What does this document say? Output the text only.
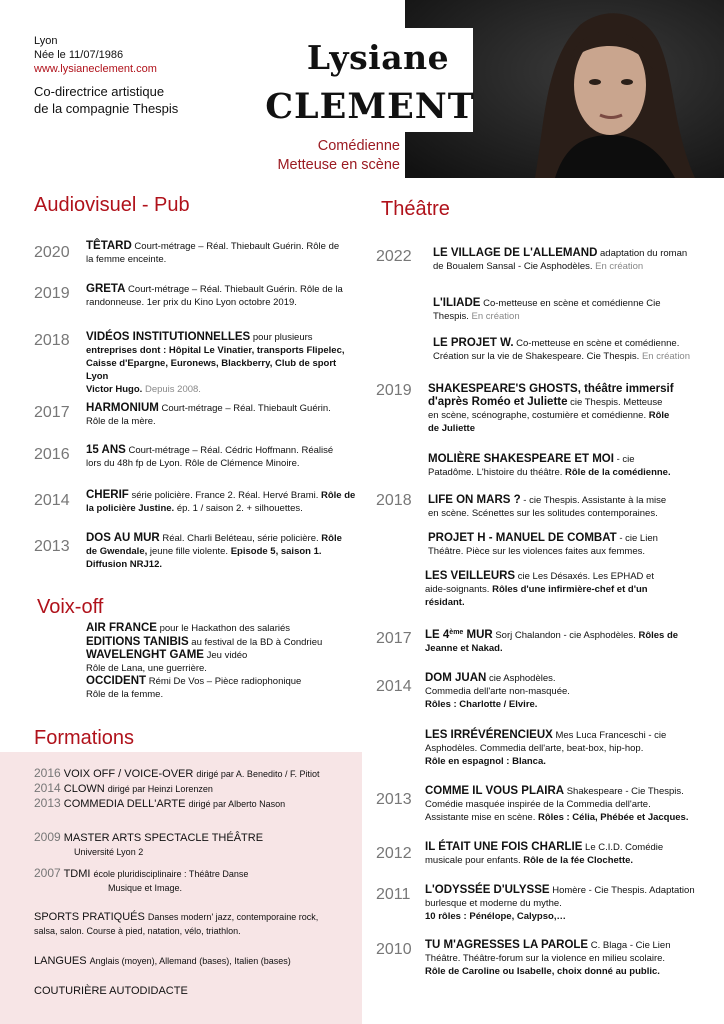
Lysiane
CLEMENT
Comédienne
Metteuse en scène
Lyon
Née le 11/07/1986
www.lysianeclement.com
Co-directrice artistique
de la compagnie Thespis
Audiovisuel - Pub	Théâtre
Voix-off
2020 TÊTARD Court-métrage – Réal. Thiebault Guérin. Rôle de
la femme enceinte.
2019 GRETA Court-métrage – Réal. Thiebault Guérin. Rôle de la
randonneuse. 1er prix du Kino Lyon octobre 2019.
2018 VIDÉOS INSTITUTIONNELLES pour plusieurs
entreprises dont : Hôpital Le Vinatier, transports Flipelec,
Caisse d'Epargne, Euronews, Blackberry, Club de sport Lyon
Victor Hugo. Depuis 2008.
2017 HARMONIUM Court-métrage – Réal. Thiebault Guérin.
Rôle de la mère.
2016 15 ANS Court-métrage – Réal. Cédric Hoffmann. Réalisé
lors du 48h fp de Lyon. Rôle de Clémence Minoire.
2014 CHERIF série policière. France 2. Réal. Hervé Brami. Rôle de
la policière Justine. ép. 1 / saison 2. + silhouettes.
2013 DOS AU MUR Réal. Charli Beléteau, série policière. Rôle
de Gwendale, jeune fille violente. Episode 5, saison 1.
Diffusion NRJ12.
AIR FRANCE pour le Hackathon des salariés
EDITIONS TANIBIS au festival de la BD à Condrieu
WAVELENGHT GAME Jeu vidéo
Rôle de Lana, une guerrière.
OCCIDENT Rémi De Vos – Pièce radiophonique
Rôle de la femme.
Formations
2016 VOIX OFF / VOICE-OVER dirigé par A. Benedito / F. Pitiot
2014 CLOWN dirigé par Heinzi Lorenzen
2013 COMMEDIA DELL'ARTE dirigé par Alberto Nason
2009 MASTER ARTS SPECTACLE THÉÂTRE
Université Lyon 2
2007 TDMI école pluridisciplinaire : Théâtre Danse
Musique et Image.
SPORTS PRATIQUÉS Danses modern' jazz, contemporaine rock,
salsa, salon. Course à pied, natation, vélo, triathlon.
LANGUES Anglais (moyen), Allemand (bases), Italien (bases)
COUTURIÈRE AUTODIDACTE
2022 LE VILLAGE DE L'ALLEMAND adaptation du roman
de Boualem Sansal - Cie Asphodèles. En création
L'ILIADE Co-metteuse en scène et comédienne Cie
Thespis. En création
LE PROJET W. Co-metteuse en scène et comédienne.
Création sur la vie de Shakespeare. Cie Thespis. En création
2019 SHAKESPEARE'S GHOSTS, théâtre immersif
d'après Roméo et Juliette cie Thespis. Metteuse
en scène, scénographe, costumière et comédienne. Rôle
de Juliette
MOLIÈRE SHAKESPEARE ET MOI - cie
Patadôme. L'histoire du théâtre. Rôle de la comédienne.
2018 LIFE ON MARS ? - cie Thespis. Assistante à la mise
en scène. Scénettes sur les solitudes contemporaines.
PROJET H - MANUEL DE COMBAT - cie Lien
Théâtre. Pièce sur les violences faites aux femmes.
LES VEILLEURS cie Les Désaxés. Les EPHAD et
aide-soignants. Rôles d'une infirmière-chef et d'un
résidant.
2017 LE 4ème MUR Sorj Chalandon - cie Asphodèles. Rôles de
Jeanne et Nakad.
2014 DOM JUAN cie Asphodèles.
Commedia dell'arte non-masquée.
Rôles : Charlotte / Elvire.
LES IRRÉVÉRENCIEUX Mes Luca Franceschi - cie
Asphodèles. Commedia dell'arte, beat-box, hip-hop.
Rôle en espagnol : Blanca.
2013 COMME IL VOUS PLAIRA Shakespeare - Cie Thespis.
Comédie masquée inspirée de la Commedia dell'arte.
Assistante mise en scène. Rôles : Célia, Phébée et Jacques.
2012 IL ÉTAIT UNE FOIS CHARLIE Le C.I.D. Comédie
musicale pour enfants. Rôle de la fée Clochette.
2011 L'ODYSSÉE D'ULYSSE Homère - Cie Thespis. Adaptation
burlesque et moderne du mythe.
10 rôles : Pénélope, Calypso,…
2010 TU M'AGRESSES LA PAROLE C. Blaga - Cie Lien
Théâtre. Théâtre-forum sur la violence en milieu scolaire.
Rôle de Caroline ou Isabelle, choix donné au public.
